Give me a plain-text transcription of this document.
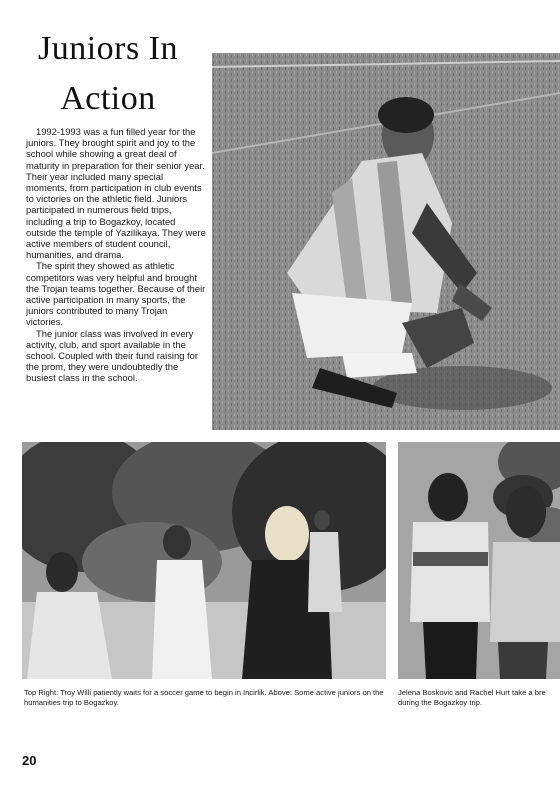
Juniors In
Action

1992-1993 was a fun filled year for the juniors. They brought spirit and joy to the school while showing a great deal of maturity in preparation for their senior year. Their year included many special moments, from participation in club events to victories on the athletic field. Juniors participated in numerous field trips, including a trip to Bogazkoy, located outside the temple of Yazilikaya. They were active members of student council, humanities, and drama.

The spirit they showed as athletic competitors was very helpful and brought the Trojan teams together. Because of their active participation in many sports, the juniors contributed to many Trojan victories.

The junior class was involved in every activity, club, and sport available in the school. Coupled with their fund raising for the prom, they were undoubtedly the busiest class in the school.

Top Right: Troy Willi patiently waits for a soccer game to begin in Incirlik. Above: Some active juniors on the humanities trip to Bogazkoy.
Jelena Boskovic and Rachel Hurt take a bre
during the Bogazkoy trip.
20
